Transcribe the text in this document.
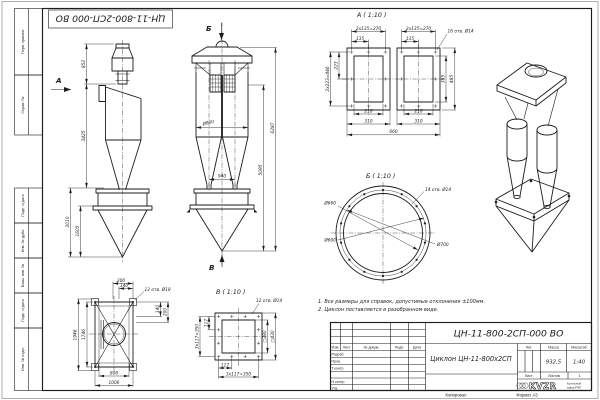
Перв. примен.
Справ. №
Подп. и дата
Инв. № дубл.
Взам. инв. №
Подп. и дата
Инв. № подл.
ЦН-11-800-2СП-000 ВО
852
3425
2010
1605
А
Ø800
940
5095
6287
Б
В
А ( 1:10 )
2x135=270	2x135=270
135	135
16 отв. Ø14
223
2x223=446	385 485
210	210
310	310
660
Б ( 1:10 )
14 отв. Ø14
Ø660
Ø600
Ø700
200
140
12 отв. Ø18
140 200
1946 1746
806
1006
В ( 1:10 )
12 отв. Ø14
117
3x117=350	□380 □430
117
3x117=350
1. Все размеры для справок, допустимые отклонения ±100мм.
2. Циклон поставляется в разобранном виде.
ЦН-11-800-2СП-000 ВО
Циклон ЦН-11-800х2СП
Изм. Лист	№ докум.	Подп. Дата
Разраб.
Пров.
Т.контр.
Н.контр.
Утв.
Лит.	Масса	Масштаб
932,5 1:40
Лист	Листов	1
KVZR	Котельный
завод РЭП
Копировал	Формат А3
